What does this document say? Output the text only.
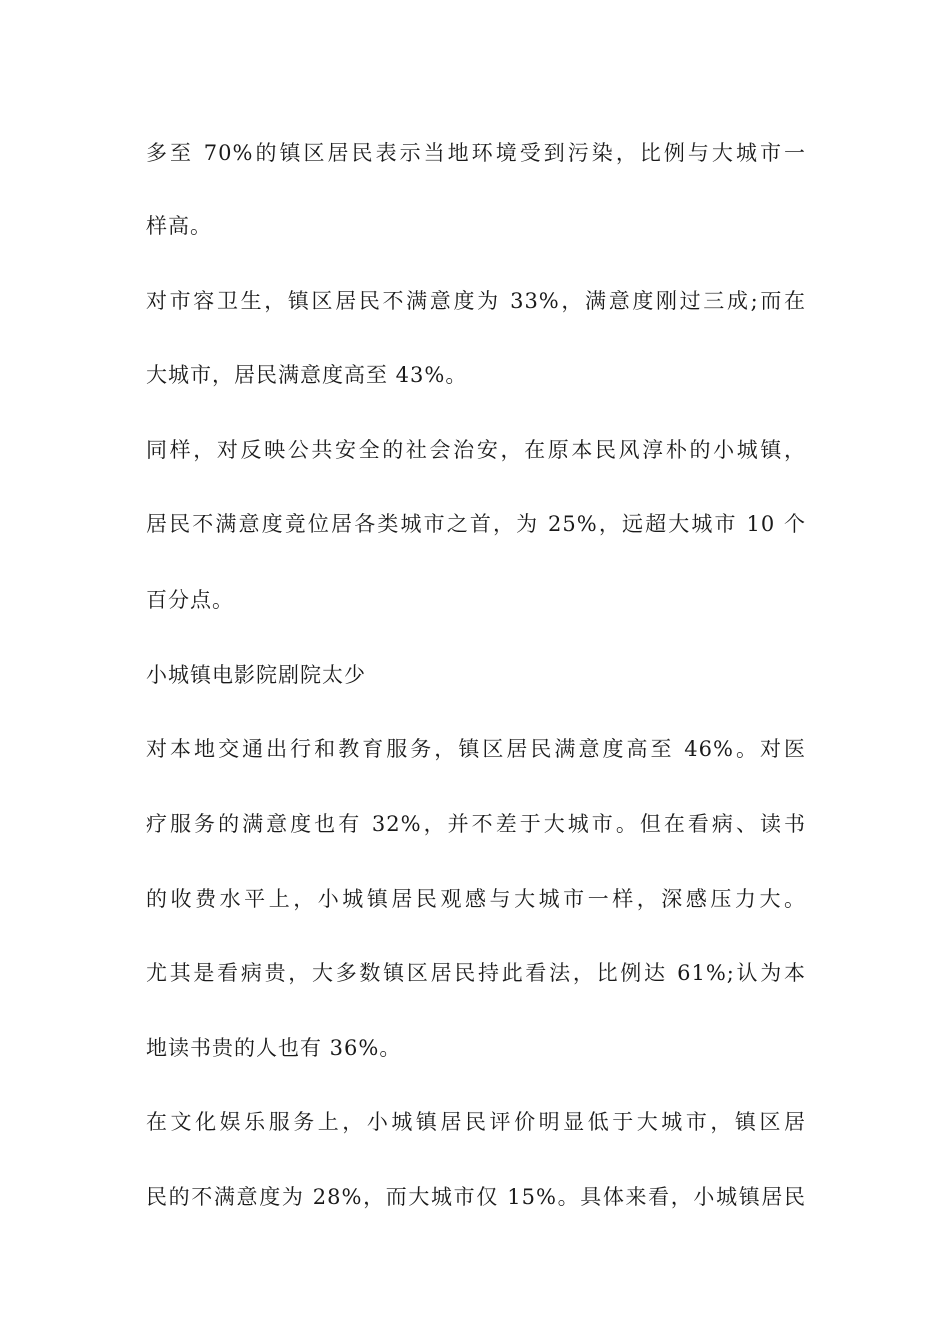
多至 70%的镇区居民表示当地环境受到污染，比例与大城市一
样高。
对市容卫生，镇区居民不满意度为 33%，满意度刚过三成;而在
大城市，居民满意度高至 43%。
同样，对反映公共安全的社会治安，在原本民风淳朴的小城镇，
居民不满意度竟位居各类城市之首，为 25%，远超大城市 10 个
百分点。
小城镇电影院剧院太少
对本地交通出行和教育服务，镇区居民满意度高至 46%。对医
疗服务的满意度也有 32%，并不差于大城市。但在看病、读书
的收费水平上，小城镇居民观感与大城市一样，深感压力大。
尤其是看病贵，大多数镇区居民持此看法，比例达 61%;认为本
地读书贵的人也有 36%。
在文化娱乐服务上，小城镇居民评价明显低于大城市，镇区居
民的不满意度为 28%，而大城市仅 15%。具体来看，小城镇居民
